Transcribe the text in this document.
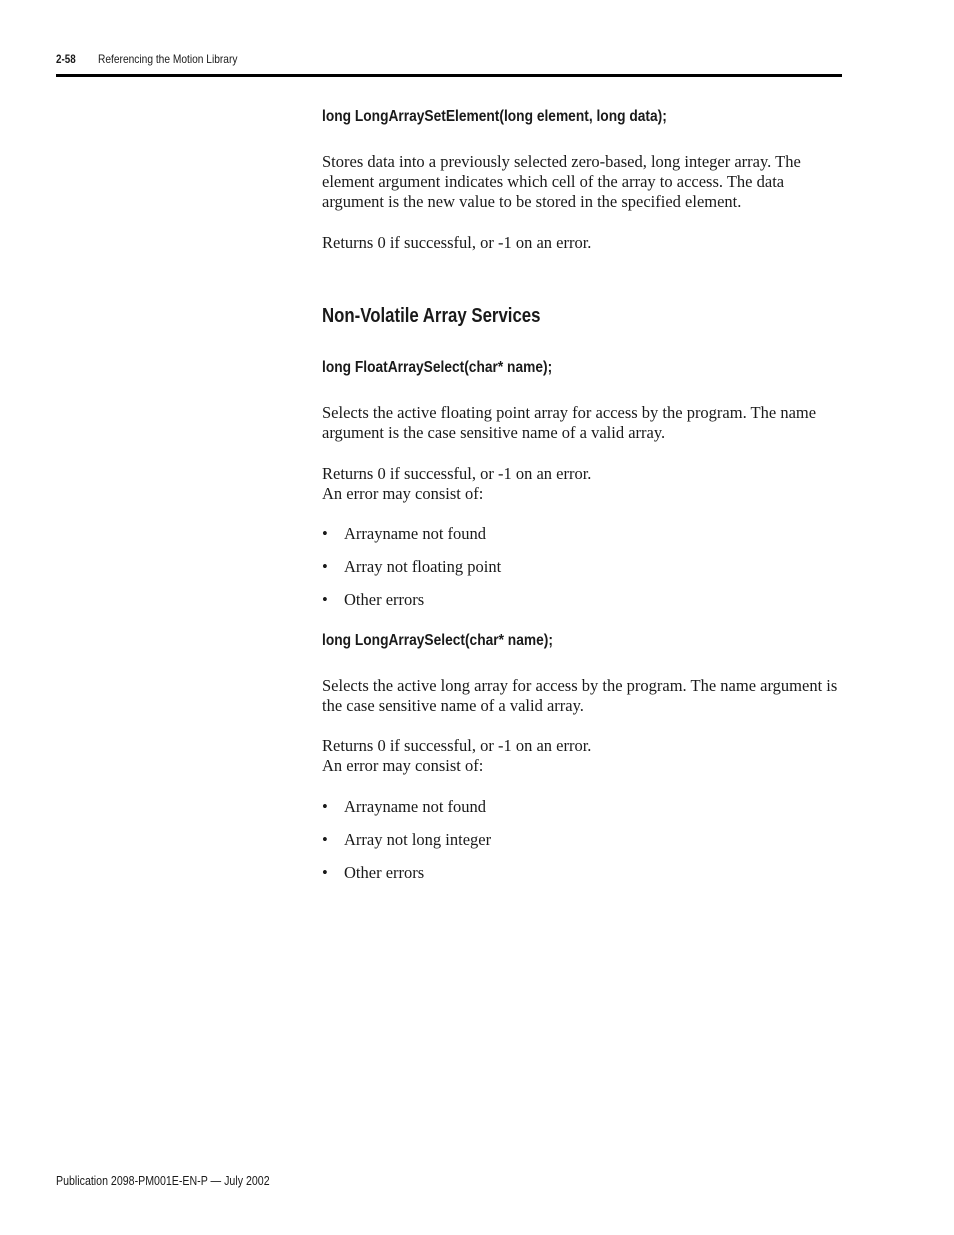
2-58 Referencing the Motion Library
long LongArraySetElement(long element, long data);
Stores data into a previously selected zero-based, long integer array. The element argument indicates which cell of the array to access. The data argument is the new value to be stored in the specified element.
Returns 0 if successful, or -1 on an error.
Non-Volatile Array Services
long FloatArraySelect(char* name);
Selects the active floating point array for access by the program. The name argument is the case sensitive name of a valid array.
Returns 0 if successful, or -1 on an error.
An error may consist of:
• Arrayname not found
• Array not floating point
• Other errors
long LongArraySelect(char* name);
Selects the active long array for access by the program. The name argument is the case sensitive name of a valid array.
Returns 0 if successful, or -1 on an error.
An error may consist of:
• Arrayname not found
• Array not long integer
• Other errors
Publication 2098-PM001E-EN-P — July 2002
